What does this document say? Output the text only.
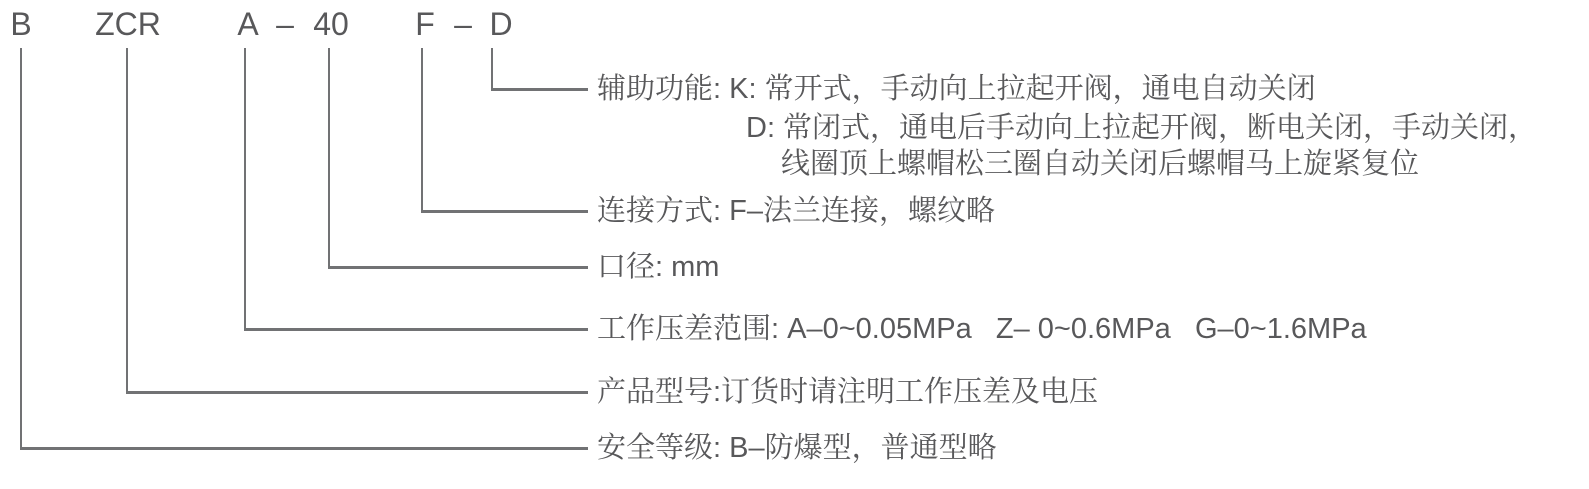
B ZCR A – 40 F – D
辅助功能: K: 常开式，手动向上拉起开阀，通电自动关闭
D: 常闭式，通电后手动向上拉起开阀，断电关闭，手动关闭，
线圈顶上螺帽松三圈自动关闭后螺帽马上旋紧复位
连接方式: F–法兰连接，螺纹略
口径: mm
工作压差范围: A–0~0.05MPa   Z– 0~0.6MPa   G–0~1.6MPa
产品型号:订货时请注明工作压差及电压
安全等级: B–防爆型，普通型略
